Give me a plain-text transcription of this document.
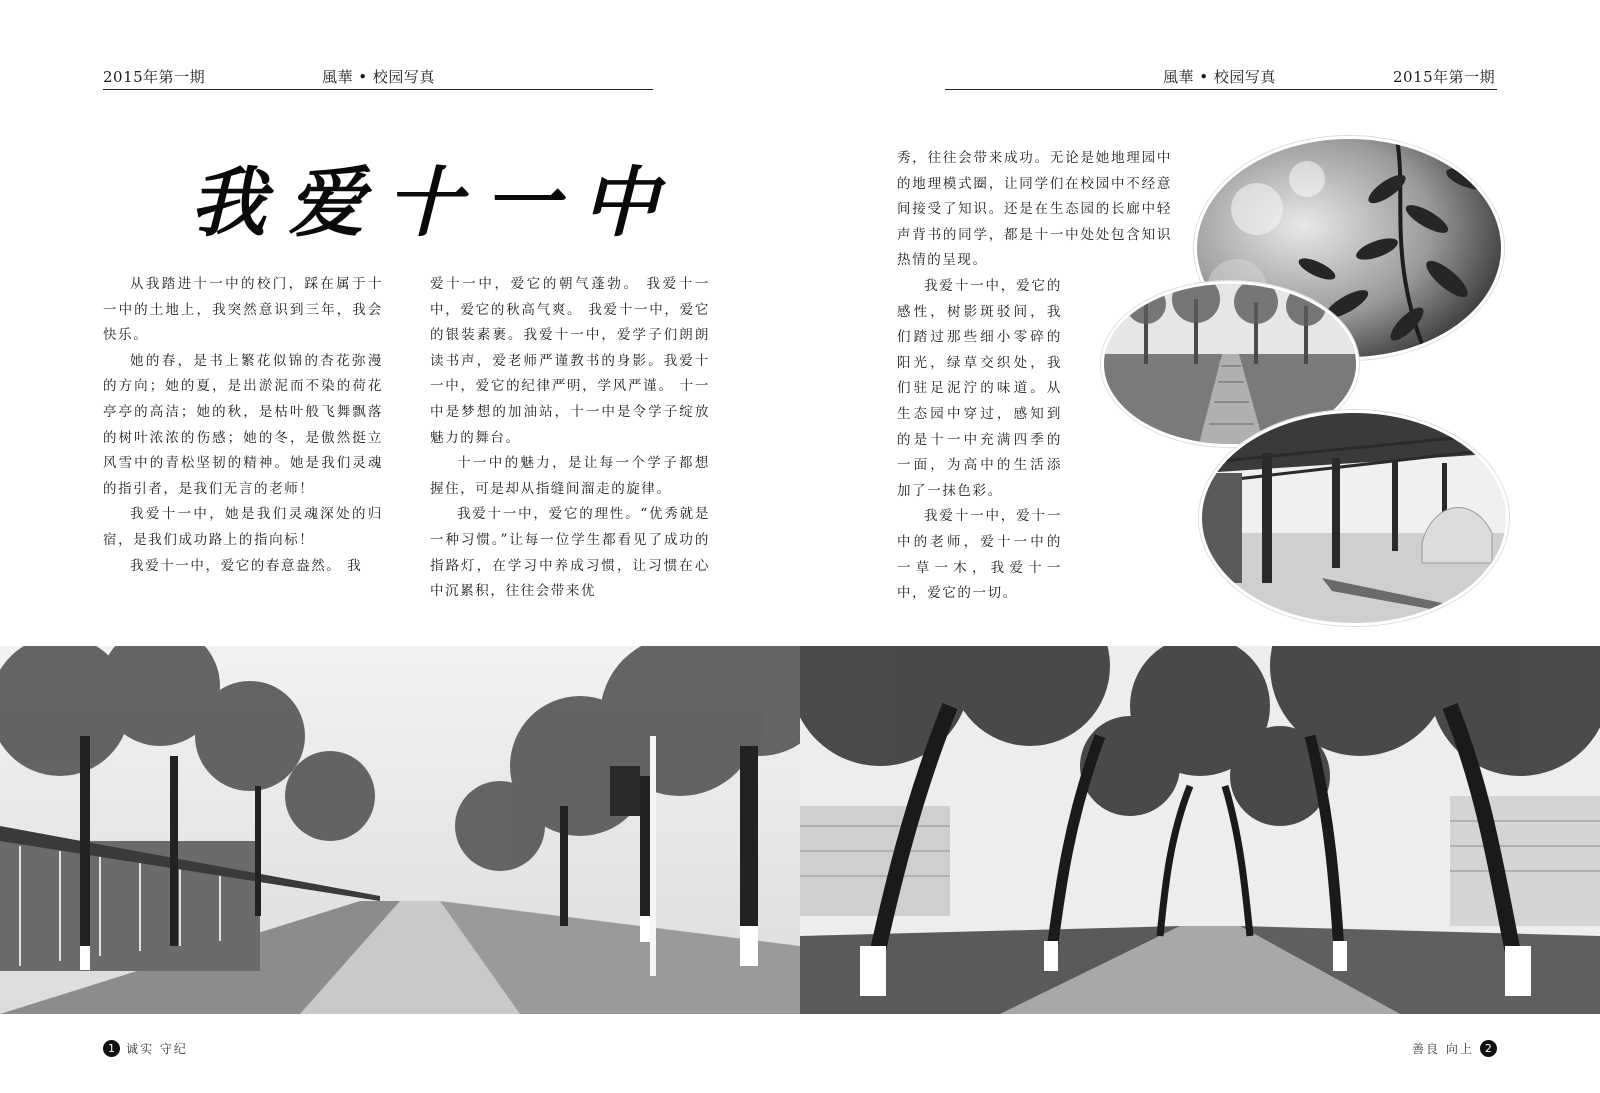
2015年第一期	風華 • 校园写真	風華 • 校园写真	2015年第一期
我爱十一中

从我踏进十一中的校门，踩在属于十一中的土地上，我突然意识到三年，我会快乐。

她的春，是书上繁花似锦的杏花弥漫的方向；她的夏，是出淤泥而不染的荷花亭亭的高洁；她的秋，是枯叶般飞舞飘落的树叶浓浓的伤感；她的冬，是傲然挺立风雪中的青松坚韧的精神。她是我们灵魂的指引者，是我们无言的老师！

我爱十一中，她是我们灵魂深处的归宿，是我们成功路上的指向标！

我爱十一中，爱它的春意盎然。 我

爱十一中，爱它的朝气蓬勃。 我爱十一中，爱它的秋高气爽。 我爱十一中，爱它的银装素裹。我爱十一中，爱学子们朗朗读书声，爱老师严谨教书的身影。我爱十一中，爱它的纪律严明，学风严谨。 十一中是梦想的加油站，十一中是令学子绽放魅力的舞台。

十一中的魅力，是让每一个学子都想握住，可是却从指缝间溜走的旋律。

我爱十一中，爱它的理性。“优秀就是一种习惯。”让每一位学生都看见了成功的指路灯，在学习中养成习惯，让习惯在心中沉累积，往往会带来优

秀，往往会带来成功。无论是她地理园中的地理模式圈，让同学们在校园中不经意间接受了知识。还是在生态园的长廊中轻声背书的同学，都是十一中处处包含知识热情的呈现。

我爱十一中，爱它的感性，树影斑驳间，我们踏过那些细小零碎的阳光，绿草交织处，我们驻足泥泞的味道。从生态园中穿过，感知到的是十一中充满四季的一面，为高中的生活添加了一抹色彩。

我爱十一中，爱十一中的老师，爱十一中的一草一木，我爱十一中，爱它的一切。

1 诚实 守纪	善良 向上	2
